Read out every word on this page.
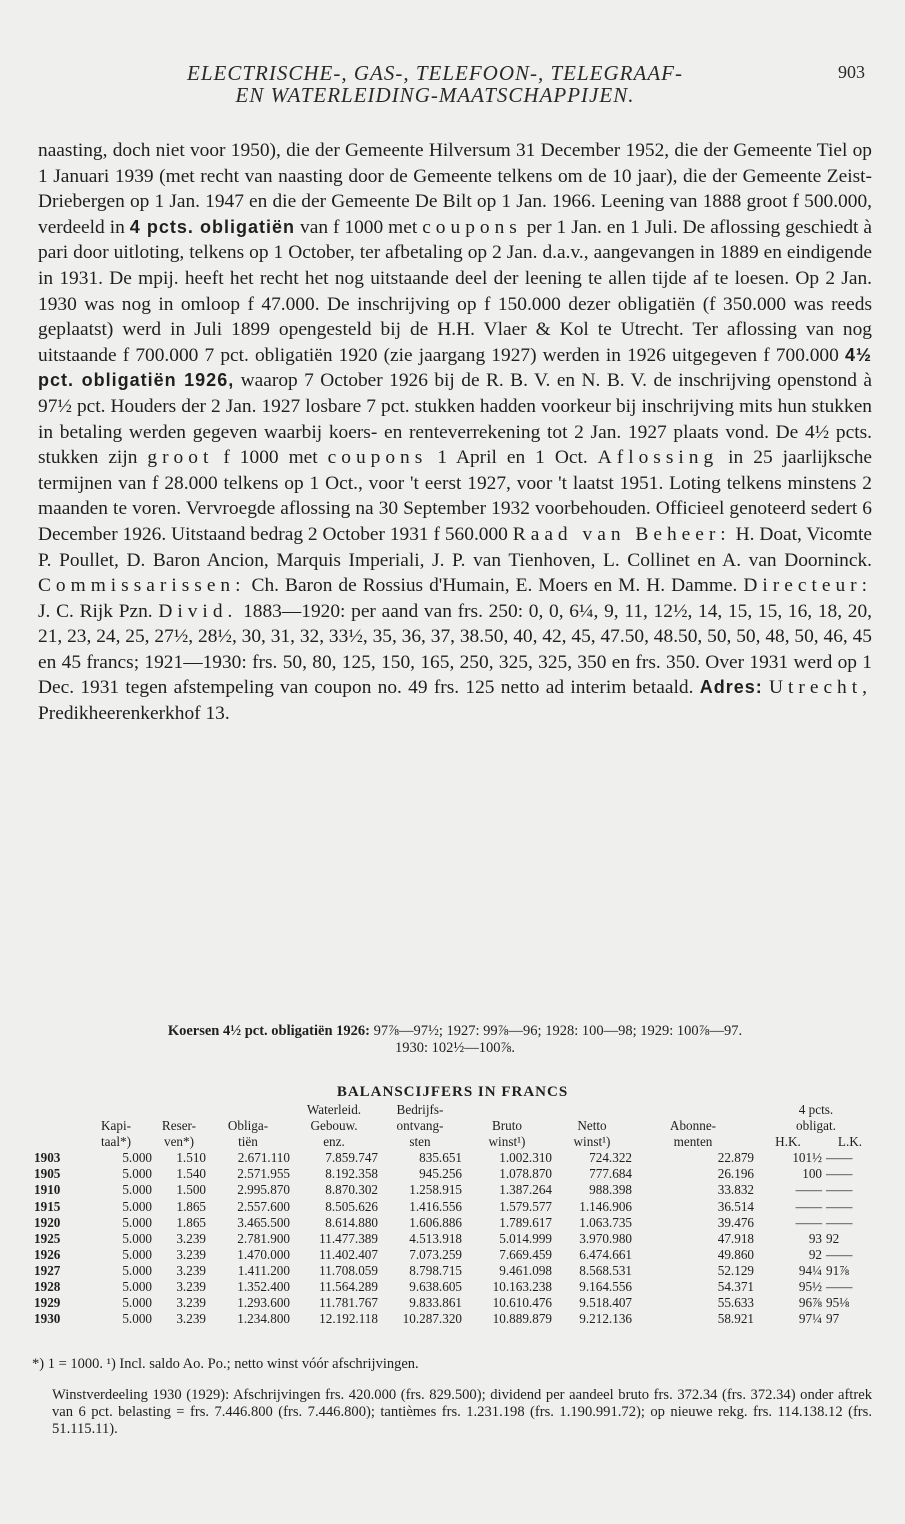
ELECTRISCHE-, GAS-, TELEFOON-, TELEGRAAF-
EN WATERLEIDING-MAATSCHAPPIJEN.
903

naasting, doch niet voor 1950), die der Gemeente Hilversum 31 December 1952, die der Gemeente Tiel op 1 Januari 1939 (met recht van naasting door de Gemeente telkens om de 10 jaar), die der Gemeente Zeist-Driebergen op 1 Jan. 1947 en die der Gemeente De Bilt op 1 Jan. 1966. Leening van 1888 groot f 500.000, verdeeld in 4 pcts. obligatiën van f 1000 met coupons per 1 Jan. en 1 Juli. De aflossing geschiedt à pari door uitloting, telkens op 1 October, ter afbetaling op 2 Jan. d.a.v., aangevangen in 1889 en eindigende in 1931. De mpij. heeft het recht het nog uitstaande deel der leening te allen tijde af te loesen. Op 2 Jan. 1930 was nog in omloop f 47.000. De inschrijving op f 150.000 dezer obligatiën (f 350.000 was reeds geplaatst) werd in Juli 1899 opengesteld bij de H.H. Vlaer & Kol te Utrecht. Ter aflossing van nog uitstaande f 700.000 7 pct. obligatiën 1920 (zie jaargang 1927) werden in 1926 uitgegeven f 700.000 4½ pct. obligatiën 1926, waarop 7 October 1926 bij de R. B. V. en N. B. V. de inschrijving openstond à 97½ pct. Houders der 2 Jan. 1927 losbare 7 pct. stukken hadden voorkeur bij inschrijving mits hun stukken in betaling werden gegeven waarbij koers- en renteverrekening tot 2 Jan. 1927 plaats vond. De 4½ pcts. stukken zijn groot f 1000 met coupons 1 April en 1 Oct. Aflossing in 25 jaarlijksche termijnen van f 28.000 telkens op 1 Oct., voor 't eerst 1927, voor 't laatst 1951. Loting telkens minstens 2 maanden te voren. Vervroegde aflossing na 30 September 1932 voorbehouden. Officieel genoteerd sedert 6 December 1926. Uitstaand bedrag 2 October 1931 f 560.000 Raad van Beheer: H. Doat, Vicomte P. Poullet, D. Baron Ancion, Marquis Imperiali, J. P. van Tienhoven, L. Collinet en A. van Doorninck. Commissarissen: Ch. Baron de Rossius d'Humain, E. Moers en M. H. Damme. Directeur: J. C. Rijk Pzn. Divid. 1883—1920: per aand van frs. 250: 0, 0, 6¼, 9, 11, 12½, 14, 15, 15, 16, 18, 20, 21, 23, 24, 25, 27½, 28½, 30, 31, 32, 33½, 35, 36, 37, 38.50, 40, 42, 45, 47.50, 48.50, 50, 50, 48, 50, 46, 45 en 45 francs; 1921—1930: frs. 50, 80, 125, 150, 165, 250, 325, 325, 350 en frs. 350. Over 1931 werd op 1 Dec. 1931 tegen afstempeling van coupon no. 49 frs. 125 netto ad interim betaald. Adres: Utrecht, Predikheerenkerkhof 13.

Koersen 4½ pct. obligatiën 1926: 97⅞—97½; 1927: 99⅞—96; 1928: 100—98; 1929: 100⅞—97.
1930: 102½—100⅞.
BALANSCIJFERS IN FRANCS
				Waterleid.	Bedrijfs-				4 pcts.	
	Kapi-	Reser-	Obliga-	Gebouw.	ontvang-	Bruto	Netto	Abonne-	obligat.	
	taal*)	ven*)	tiën	enz.	sten	winst¹)	winst¹)	menten	H.K.	L.K.
1903	5.000	1.510	2.671.110	7.859.747	835.651	1.002.310	724.322	22.879	101½	——
1905	5.000	1.540	2.571.955	8.192.358	945.256	1.078.870	777.684	26.196	100	——
1910	5.000	1.500	2.995.870	8.870.302	1.258.915	1.387.264	988.398	33.832	——	——
1915	5.000	1.865	2.557.600	8.505.626	1.416.556	1.579.577	1.146.906	36.514	——	——
1920	5.000	1.865	3.465.500	8.614.880	1.606.886	1.789.617	1.063.735	39.476	——	——
1925	5.000	3.239	2.781.900	11.477.389	4.513.918	5.014.999	3.970.980	47.918	93	92
1926	5.000	3.239	1.470.000	11.402.407	7.073.259	7.669.459	6.474.661	49.860	92	——
1927	5.000	3.239	1.411.200	11.708.059	8.798.715	9.461.098	8.568.531	52.129	94¼	91⅞
1928	5.000	3.239	1.352.400	11.564.289	9.638.605	10.163.238	9.164.556	54.371	95½	——
1929	5.000	3.239	1.293.600	11.781.767	9.833.861	10.610.476	9.518.407	55.633	96⅞	95⅛
1930	5.000	3.239	1.234.800	12.192.118	10.287.320	10.889.879	9.212.136	58.921	97¼	97
*) 1 = 1000. ¹) Incl. saldo Ao. Po.; netto winst vóór afschrijvingen.
Winstverdeeling 1930 (1929): Afschrijvingen frs. 420.000 (frs. 829.500); dividend per aandeel bruto frs. 372.34 (frs. 372.34) onder aftrek van 6 pct. belasting = frs. 7.446.800 (frs. 7.446.800); tantièmes frs. 1.231.198 (frs. 1.190.991.72); op nieuwe rekg. frs. 114.138.12 (frs. 51.115.11).
